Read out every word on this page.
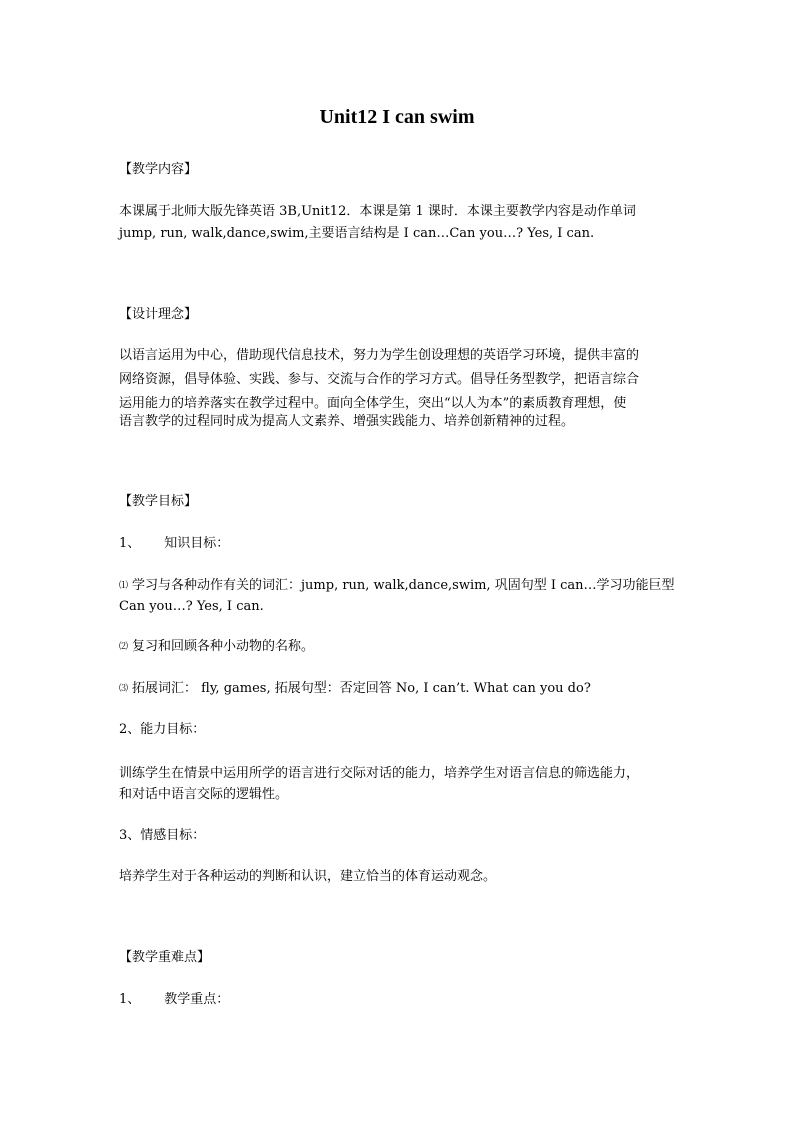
Unit12 I can swim
【教学内容】
本课属于北师大版先锋英语 3B,Unit12．本课是第 1 课时．本课主要教学内容是动作单词
jump, run, walk,dance,swim,主要语言结构是 I can…Can you…? Yes, I can.
【设计理念】
以语言运用为中心，借助现代信息技术，努力为学生创设理想的英语学习环境，提供丰富的
网络资源，倡导体验、实践、参与、交流与合作的学习方式。倡导任务型教学，把语言综合
运用能力的培养落实在教学过程中。面向全体学生，突出“以人为本”的素质教育理想，使
语言教学的过程同时成为提高人文素养、增强实践能力、培养创新精神的过程。
【教学目标】
1、 知识目标：
⑴ 学习与各种动作有关的词汇：jump, run, walk,dance,swim, 巩固句型 I can…学习功能巨型
Can you…? Yes, I can.
⑵ 复习和回顾各种小动物的名称。
⑶ 拓展词汇： fly, games, 拓展句型：否定回答 No, I can’t. What can you do?
2、能力目标：
训练学生在情景中运用所学的语言进行交际对话的能力，培养学生对语言信息的筛选能力，
和对话中语言交际的逻辑性。
3、情感目标：
培养学生对于各种运动的判断和认识，建立恰当的体育运动观念。
【教学重难点】
1、 教学重点：
